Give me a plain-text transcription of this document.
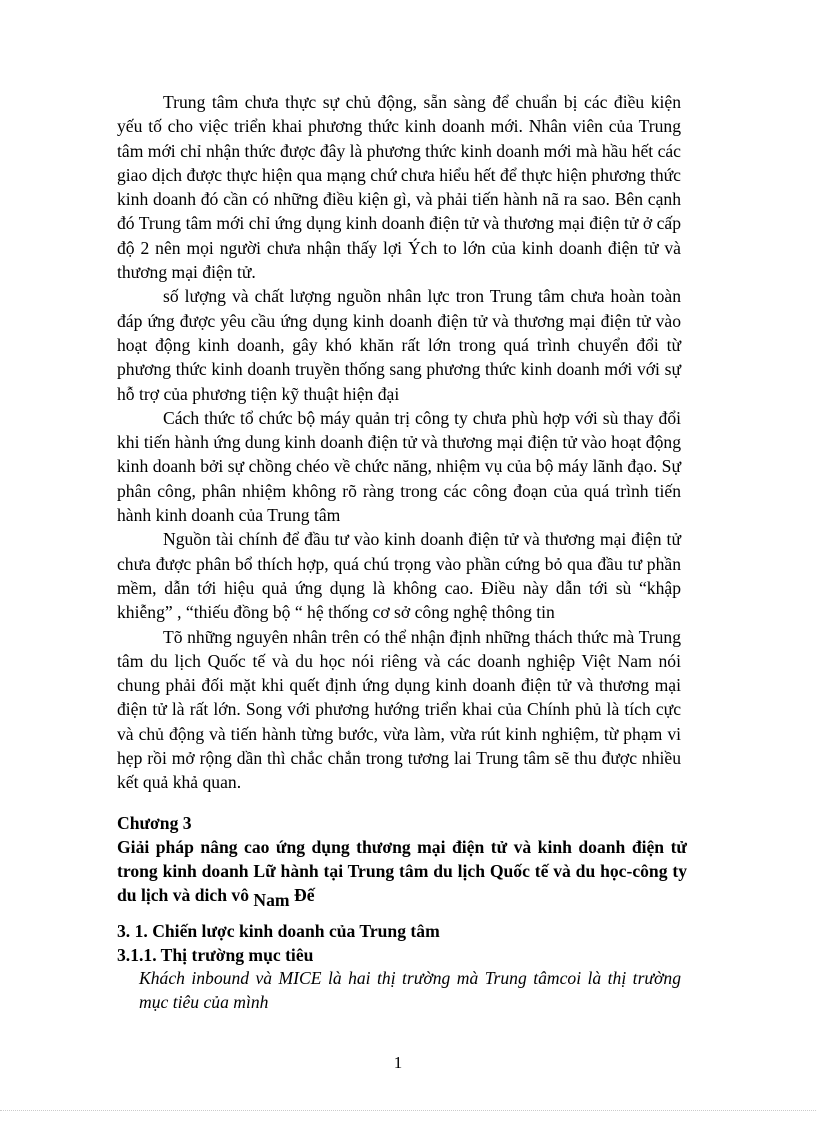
Trung tâm chưa thực sự chủ động, sẵn sàng để chuẩn bị các điều kiện yếu tố cho việc triển khai phương thức kinh doanh mới. Nhân viên của Trung tâm mới chỉ nhận thức được đây là phương thức kinh doanh mới mà hầu hết các giao dịch được thực hiện qua mạng chứ chưa hiểu hết để thực hiện phương thức kinh doanh đó cần có những điều kiện gì, và phải tiến hành nã ra sao. Bên cạnh đó Trung tâm mới chỉ ứng dụng kinh doanh điện tử và thương mại điện tử ở cấp độ 2 nên mọi người chưa nhận thấy lợi Ých to lớn của kinh doanh điện tử và thương mại điện tử.

số lượng và chất lượng nguồn nhân lực tron Trung tâm chưa hoàn toàn đáp ứng được yêu cầu ứng dụng kinh doanh điện tử và thương mại điện tử vào hoạt động kinh doanh, gây khó khăn rất lớn trong quá trình chuyển đổi từ phương thức kinh doanh truyền thống sang phương thức kinh doanh mới với sự hỗ trợ của phương tiện kỹ thuật hiện đại

Cách thức tổ chức bộ máy quản trị công ty chưa phù hợp với sù thay đổi khi tiến hành ứng dung kinh doanh điện tử và thương mại điện tử vào hoạt động kinh doanh bởi sự chồng chéo về chức năng, nhiệm vụ của bộ máy lãnh đạo. Sự phân công, phân nhiệm không rõ ràng trong các công đoạn của quá trình tiến hành kinh doanh của Trung tâm

Nguồn tài chính để đầu tư vào kinh doanh điện tử và thương mại điện tử chưa được phân bổ thích hợp, quá chú trọng vào phần cứng bỏ qua đầu tư phần mềm, dẫn tới hiệu quả ứng dụng là không cao. Điều này dẫn tới sù “khập khiễng” , “thiếu đồng bộ “ hệ thống cơ sở công nghệ thông tin

Tõ những nguyên nhân trên có thể nhận định những thách thức mà Trung tâm du lịch Quốc tế và du học nói riêng và các doanh nghiệp Việt Nam nói chung phải đối mặt khi quết định ứng dụng kinh doanh điện tử và thương mại điện tử là rất lớn. Song với phương hướng triển khai của Chính phủ là tích cực và chủ động và tiến hành từng bước, vừa làm, vừa rút kinh nghiệm, từ phạm vi hẹp rồi mở rộng dần thì chắc chắn trong tương lai Trung tâm sẽ thu được nhiều kết quả khả quan.

Chương 3

Giải pháp nâng cao ứng dụng thương mại điện tử và kinh doanh điện tử trong kinh doanh Lữ hành tại Trung tâm du lịch Quốc tế và du học-công ty du lịch và dich vô Nam Đế

3. 1. Chiến lược kinh doanh của Trung tâm

3.1.1. Thị trường mục tiêu

Khách inbound và MICE là hai thị trường mà Trung tâmcoi là thị trường mục tiêu của mình

1
